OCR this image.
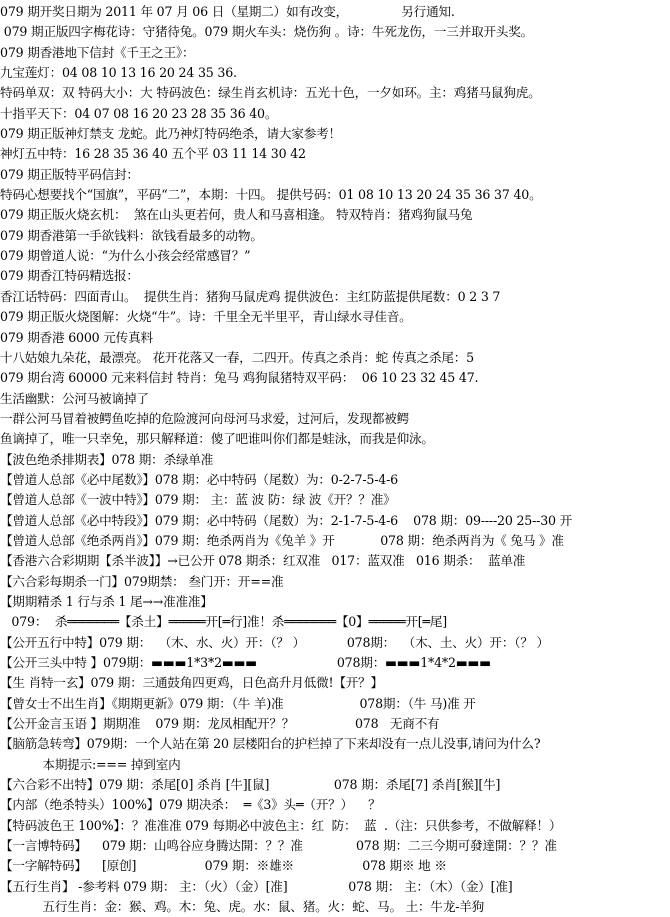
079 期开奖日期为 2011 年 07 月 06 日（星期二）如有改变，              另行通知.
079 期正版四字梅花诗：守猪待兔。079 期火车头：烧伤狗 。诗：牛死龙伤，一三并取开头奖。
079 期香港地下信封《千王之王》：
九宝莲灯：04 08 10 13 16 20 24 35 36.
特码单双：双 特码大小：大 特码波色：绿生肖玄机诗：五光十色，一夕如环。主：鸡猪马鼠狗虎。
十指平天下：04 07 08 16 20 23 28 35 36 40。
079 期正版神灯禁支 龙蛇。此乃神灯特码绝杀，请大家参考！
神灯五中特：16 28 35 36 40 五个平 03 11 14 30 42
079 期正版特平码信封：
特码心想要找个“国旗”，平码“二”，本期：十四。 提供号码：01 08 10 13 20 24 35 36 37 40。
079 期正版火烧玄机：  煞在山头更若何，贵人和马喜相逢。 特双特肖：猪鸡狗鼠马兔
079 期香港第一手欲钱料：欲钱看最多的动物。
079 期曾道人说：“为什么小孩会经常感冒？”
079 期香江特码精选报：
香江话特码：四面青山。  提供生肖：猪狗马鼠虎鸡 提供波色：主红防蓝提供尾数：0 2 3 7
079 期正版火烧图解：火烧“牛”。诗：千里全无半里平，青山绿水寻佳音。
079 期香港 6000 元传真料
十八姑娘九朵花，最漂亮。 花开花落又一春，二四开。传真之杀肖：蛇 传真之杀尾：5
079 期台湾 60000 元来料信封 特肖：兔马 鸡狗鼠猪特双平码：  06 10 23 32 45 47.
生活幽默：公河马被谪掉了
一群公河马冒着被鳄鱼吃掉的危险渡河向母河马求爱，过河后，发现都被鳄
鱼谪掉了，唯一只幸免，那只解释道：傻了吧谁叫你们都是蛙泳，而我是仰泳。
【波色绝杀排期表】078 期：杀绿单准
【曾道人总部《必中尾数》】078 期：必中特码（尾数）为：0-2-7-5-4-6
【曾道人总部《一波中特》】079 期： 主：蓝 波 防：绿 波《开？？准》
【曾道人总部《必中特段》】079 期：必中特码（尾数）为：2-1-7-5-4-6    078 期：09----20 25--30 开
【曾道人总部《绝杀两肖》】079 期：绝杀两肖为《兔羊 》开            078 期：绝杀两肖为《 兔马 》准
【香港六合彩期期【杀半波】】→已公开 078 期杀：红双准   017：蓝双准   016 期杀：  蓝单准
【六合彩每期杀一门】079期禁： 叁门开：开==准
【期期精杀 1 行与杀 1 尾→→准准准】
079：  杀═══════【杀土】═════开[═行]准！杀═══════【0】═════开[═尾]
【公开五行中特】079 期：  （木、水、火）开：（？ ）           078期：  （木、土、火）开：（？ ）
【公开三头中特 】079期：▬▬▬1*3*2▬▬▬                     078期：▬▬▬1*4*2▬▬▬
【生 肖特一玄】079 期：三通鼓角四更鸡，日色高升月低微!【开？】
【曾女士不出生肖】《期期更新》079 期：（牛 羊)准                    078期：（牛 马)准 开
【公开金言玉语 】期期准    079 期：龙凤相配开？？                078   无商不有
【脑筋急转弯】079期：一个人站在第 20 层楼阳台的护栏掉了下来却没有一点儿没事,请问为什么?
本期提示:=== 掉到室内
【六合彩不出特】079 期：杀尾[0] 杀肖 [牛][鼠]                 078 期：杀尾[7] 杀肖[猴][牛]
【内部（绝杀特头）100%】079 期决杀：  ═《3》头═（开？）    ？
【特码波色王 100%】：？准准准 079 每期必中波色主：红  防：  蓝  .（注：只供参考，不做解释！）
【一言博特码】    079 期：山鸣谷应身腾达開：？？准              078 期：二三今期可發達開：？？准
【一字解特码】    [原创]                  079 期：※雄※                  078 期※ 地 ※
【五行生肖】 -参考料 079 期： 主：（火）（金）[准]                078 期： 主：（木）（金）[准]
五行生肖：金：猴、鸡。木：兔、虎。水：鼠、猪。火：蛇、马。 土：牛龙-羊狗
